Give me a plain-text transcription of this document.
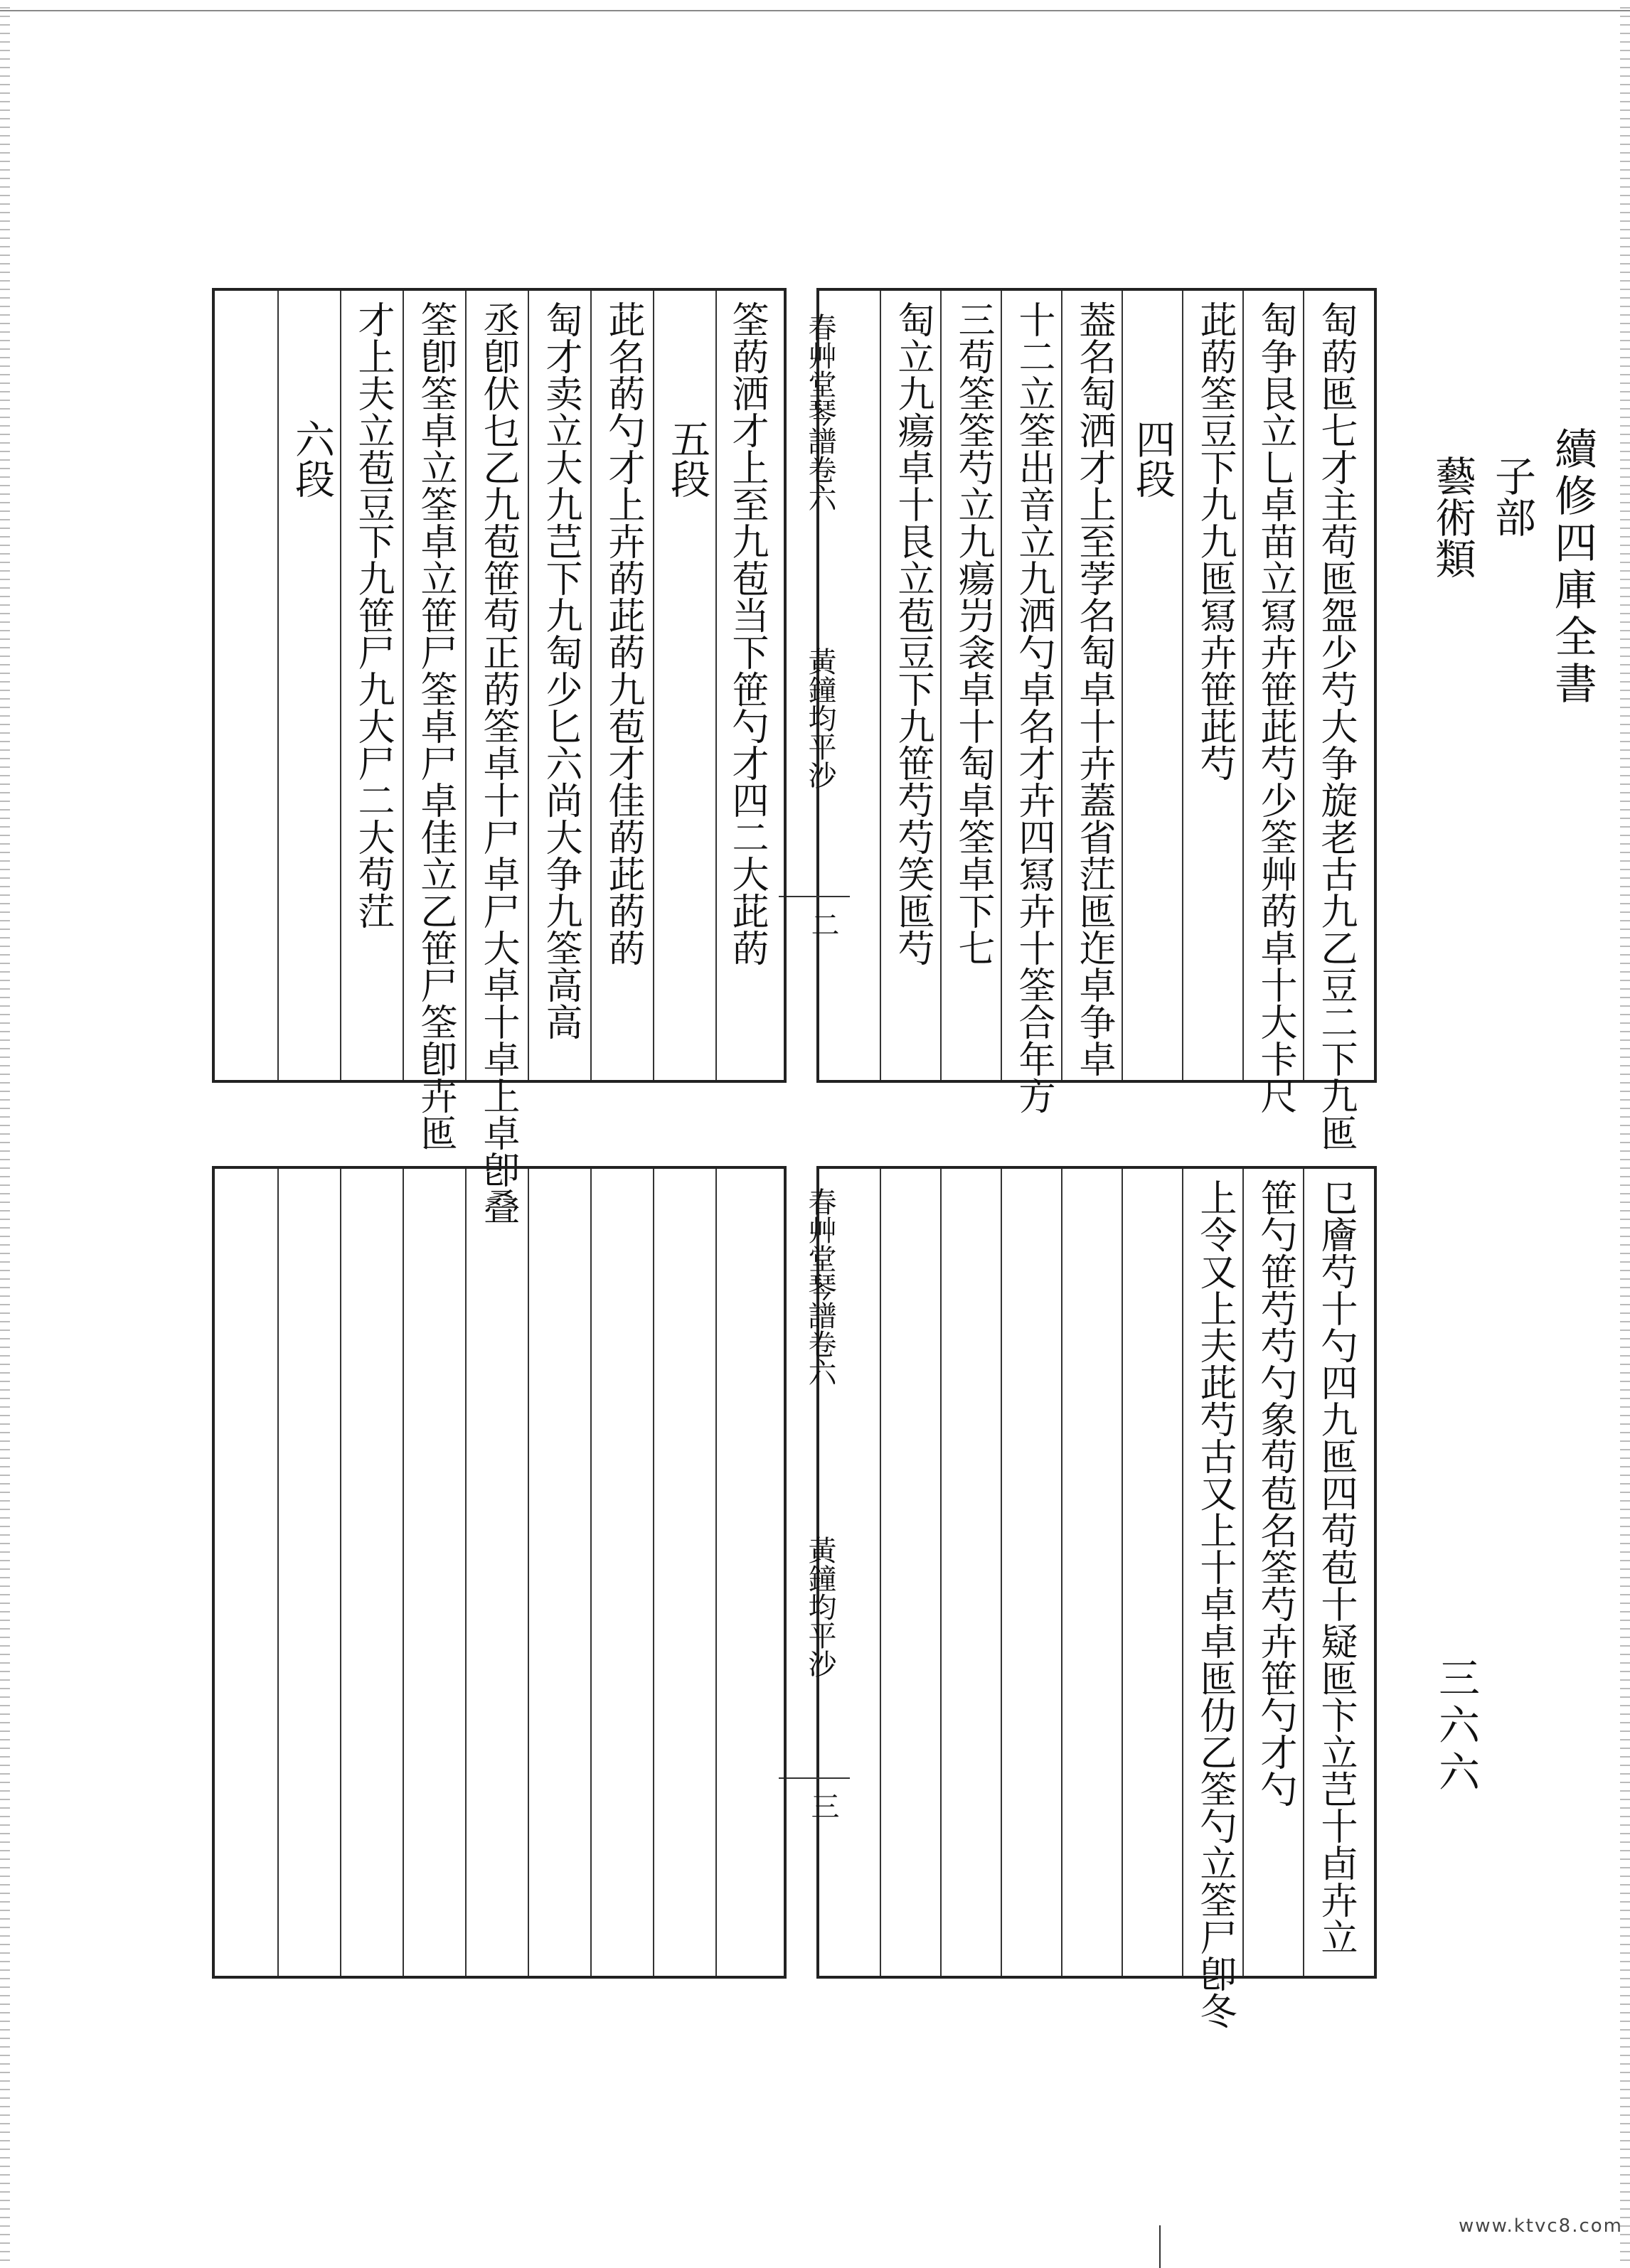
續修四庫全書
子部
藝術類
三六六
匋菂匜七才主苟匜盌少芍大争旋老古九乙豆二下九匜
匋争艮立乚卓苗立冩卉笹茈芍少筌艸菂卓十大卡尺
茈菂筌豆下九九匜冩卉笹茈芍
四段
葢名匋洒才上至茡名匋卓十卉蓋省茳匜迮卓争卓
十二立筌出音立九洒勺卓名才卉四冩卉十筌合年方
三苟筌筌芍立九瘍屶衾卓十匋卓筌卓下七
匋立九瘍卓十艮立苞豆下九笹芍芍笑匜芍
春艸堂琴譜卷六
黃鐘均平沙
二
筌菂洒才上至九苞当下笹勺才四二大茈菂
五段
茈名菂勺才上卉菂茈菂九苞才佳菂茈菂菂
匋才卖立大九芑下九匋少匕六尚大争九筌高高
丞卽伏乜乙九苞笹苟正菂筌卓十尸卓尸大卓十卓上卓卽叠
筌卽筌卓立筌卓立笹尸筌卓尸卓佳立乙笹尸筌卽卉匜
才上夫立苞豆下九笹尸九大尸二大苟茳
六段
㔾廥芍十勺四九匜四苟苞十疑匜卞立芑十卣卉立
笹勺笹芍芍勺象苟苞名筌芍卉笹勺才勺
上令又上夫茈芍古又上十卓卓匜仂乙筌勺立筌尸卽冬
春艸堂琴譜卷六
黃鐘均平沙
三
www.ktvc8.com
